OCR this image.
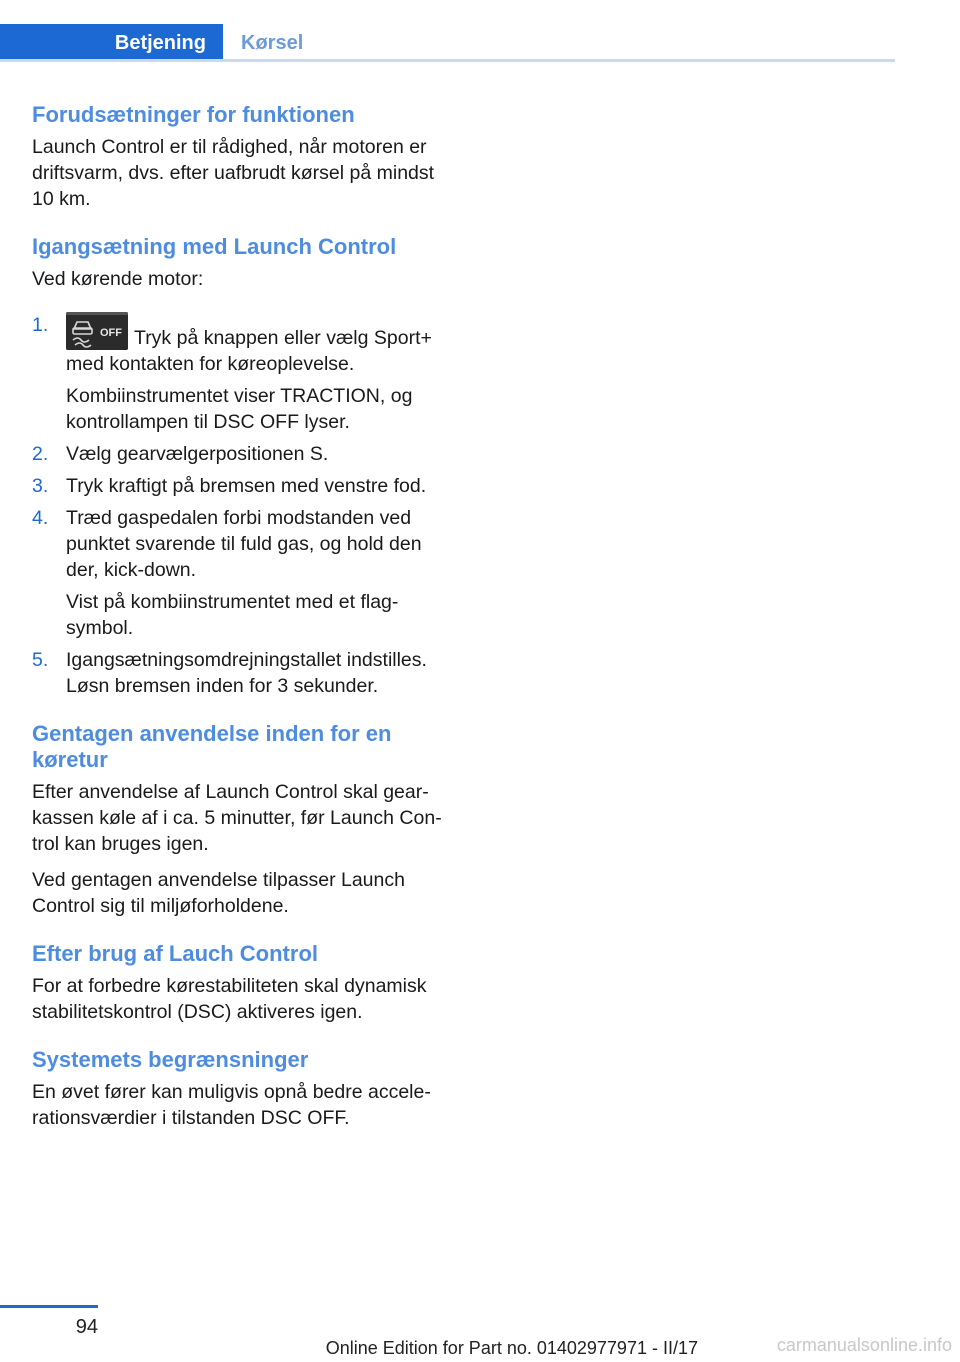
Betjening	Kørsel
Forudsætninger for funktionen

Launch Control er til rådighed, når motoren er driftsvarm, dvs. efter uafbrudt kørsel på mindst 10 km.

Igangsætning med Launch Control

Ved kørende motor:

1.	OFF Tryk på knappen eller vælg Sport+ med kontakten for køreoplevelse.
Kombiinstrumentet viser TRACTION, og kontrollampen til DSC OFF lyser.
2. Vælg gearvælgerpositionen S.
3. Tryk kraftigt på bremsen med venstre fod.
4. Træd gaspedalen forbi modstanden ved punktet svarende til fuld gas, og hold den der, kick-down.
Vist på kombiinstrumentet med et flagsymbol.
5. Igangsætningsomdrejningstallet indstilles. Løsn bremsen inden for 3 sekunder.
Gentagen anvendelse inden for en køretur

Efter anvendelse af Launch Control skal gearkassen køle af i ca. 5 minutter, før Launch Control kan bruges igen.

Ved gentagen anvendelse tilpasser Launch Control sig til miljøforholdene.

Efter brug af Lauch Control

For at forbedre kørestabiliteten skal dynamisk stabilitetskontrol (DSC) aktiveres igen.

Systemets begrænsninger

En øvet fører kan muligvis opnå bedre accelerationsværdier i tilstanden DSC OFF.

94
Online Edition for Part no. 01402977971 - II/17	carmanualsonline.info
